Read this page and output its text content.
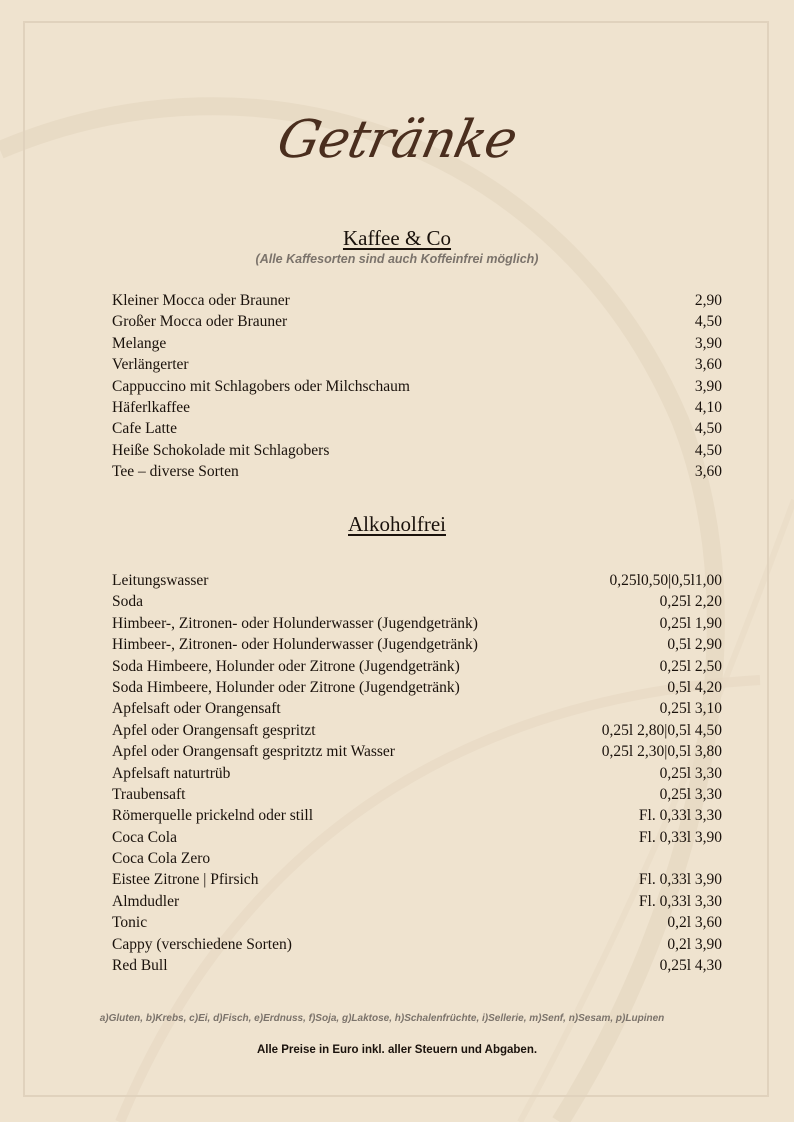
Getränke
Kaffee & Co
(Alle Kaffesorten sind auch Koffeinfrei möglich)
Kleiner Mocca oder Brauner	2,90
Großer Mocca oder Brauner	4,50
Melange	3,90
Verlängerter	3,60
Cappuccino mit Schlagobers oder Milchschaum	3,90
Häferlkaffee	4,10
Cafe Latte	4,50
Heiße Schokolade mit Schlagobers	4,50
Tee – diverse Sorten	3,60
Alkoholfrei
Leitungswasser	0,25l0,50|0,5l1,00
Soda	0,25l 2,20
Himbeer-, Zitronen- oder Holunderwasser (Jugendgetränk)	0,25l 1,90
Himbeer-, Zitronen- oder Holunderwasser (Jugendgetränk)	0,5l 2,90
Soda Himbeere, Holunder oder Zitrone (Jugendgetränk)	0,25l 2,50
Soda Himbeere, Holunder oder Zitrone (Jugendgetränk)	0,5l 4,20
Apfelsaft oder Orangensaft	0,25l 3,10
Apfel oder Orangensaft gespritzt	0,25l 2,80|0,5l 4,50
Apfel oder Orangensaft gespritztz mit Wasser	0,25l 2,30|0,5l 3,80
Apfelsaft naturtrüb	0,25l 3,30
Traubensaft	0,25l 3,30
Römerquelle prickelnd oder still	Fl. 0,33l 3,30
Coca Cola	Fl. 0,33l 3,90
Coca Cola Zero
Eistee Zitrone | Pfirsich	Fl. 0,33l 3,90
Almdudler	Fl. 0,33l 3,30
Tonic	0,2l 3,60
Cappy (verschiedene Sorten)	0,2l 3,90
Red Bull	0,25l 4,30
a)Gluten, b)Krebs, c)Ei, d)Fisch, e)Erdnuss, f)Soja, g)Laktose, h)Schalenfrüchte, i)Sellerie, m)Senf, n)Sesam, p)Lupinen
Alle Preise in Euro inkl. aller Steuern und Abgaben.
